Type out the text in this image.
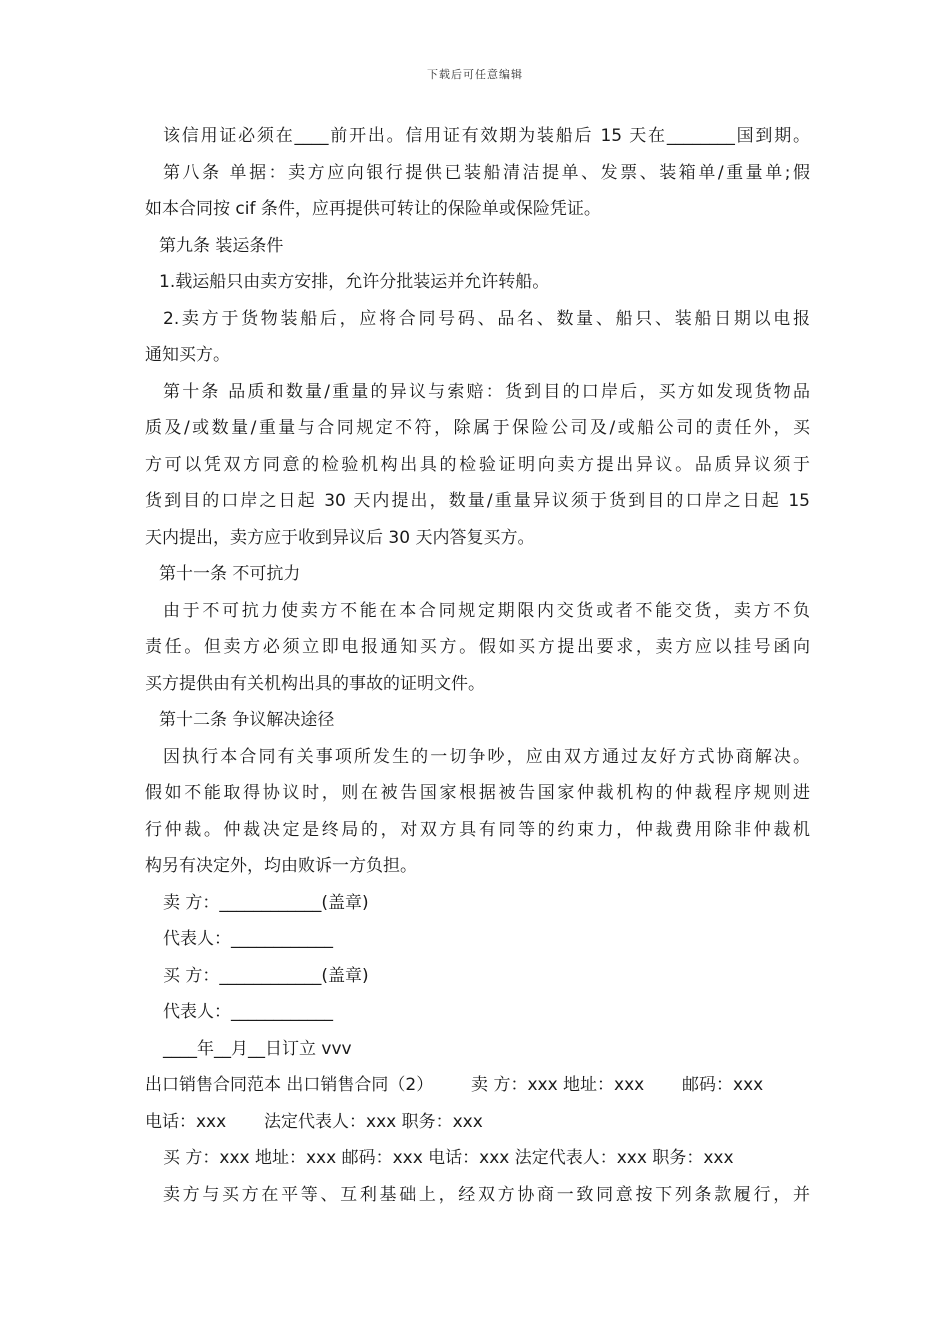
下载后可任意编辑
该信用证必须在____前开出。信用证有效期为装船后 15 天在________国到期。
第八条 单据：卖方应向银行提供已装船清洁提单、发票、装箱单/重量单;假
如本合同按 cif 条件，应再提供可转让的保险单或保险凭证。
第九条 装运条件
1.载运船只由卖方安排，允许分批装运并允许转船。
2.卖方于货物装船后，应将合同号码、品名、数量、船只、装船日期以电报
通知买方。
第十条 品质和数量/重量的异议与索赔：货到目的口岸后，买方如发现货物品
质及/或数量/重量与合同规定不符，除属于保险公司及/或船公司的责任外，买
方可以凭双方同意的检验机构出具的检验证明向卖方提出异议。品质异议须于
货到目的口岸之日起 30 天内提出，数量/重量异议须于货到目的口岸之日起 15
天内提出，卖方应于收到异议后 30 天内答复买方。
第十一条 不可抗力
由于不可抗力使卖方不能在本合同规定期限内交货或者不能交货，卖方不负
责任。但卖方必须立即电报通知买方。假如买方提出要求，卖方应以挂号函向
买方提供由有关机构出具的事故的证明文件。
第十二条 争议解决途径
因执行本合同有关事项所发生的一切争吵，应由双方通过友好方式协商解决。
假如不能取得协议时，则在被告国家根据被告国家仲裁机构的仲裁程序规则进
行仲裁。仲裁决定是终局的，对双方具有同等的约束力，仲裁费用除非仲裁机
构另有决定外，均由败诉一方负担。
卖 方：____________(盖章)
代表人：____________
买 方：____________(盖章)
代表人：____________
____年__月__日订立 vvv
出口销售合同范本 出口销售合同（2）       卖 方：xxx 地址：xxx       邮码：xxx
电话：xxx       法定代表人：xxx 职务：xxx
买 方：xxx 地址：xxx 邮码：xxx 电话：xxx 法定代表人：xxx 职务：xxx
卖方与买方在平等、互利基础上，经双方协商一致同意按下列条款履行，并
